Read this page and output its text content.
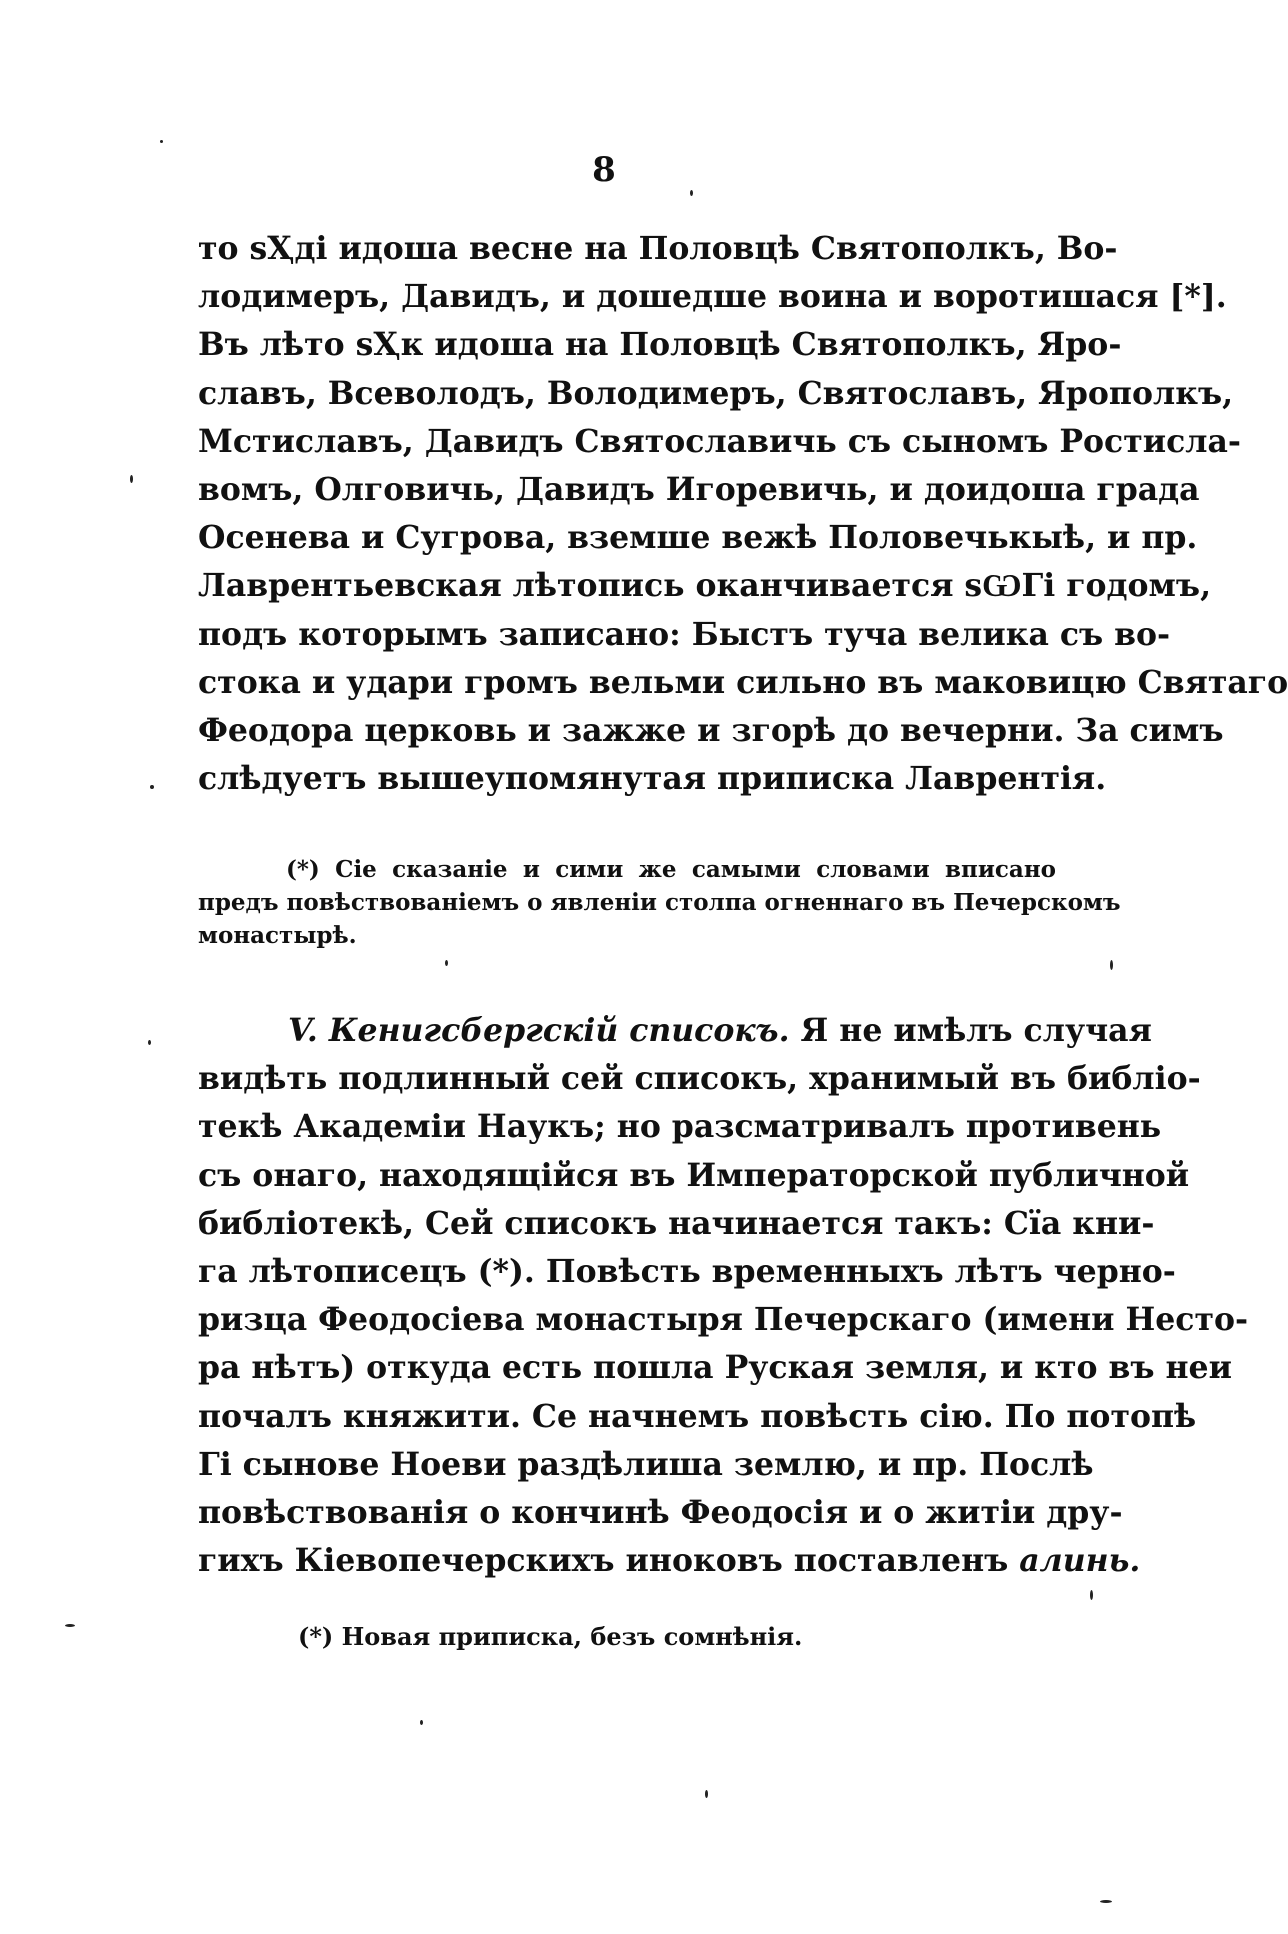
8
то sҲді идоша весне на Половцѣ Святополкъ, Во-
лодимеръ, Давидъ, и дошедше воина и воротишася [*].
Въ лѣто sҲк идоша на Половцѣ Святополкъ, Яро-
славъ, Всеволодъ, Володимеръ, Святославъ, Ярополкъ,
Мстиславъ, Давидъ Святославичь съ сыномъ Ростисла-
вомъ, Олговичь, Давидъ Игоревичь, и доидоша града
Осенева и Сугрова, вземше вежѣ Половечькыѣ, и пр.
Лаврентьевская лѣтопись оканчивается sѠГі годомъ,
подъ которымъ записано: Быстъ туча велика съ во-
стока и удари громъ вельми сильно въ маковицю Святаго
Феодора церковь и зажже и згорѣ до вечерни. За симъ
слѣдуетъ вышеупомянутая приписка Лаврентія.
(*) Сіе сказаніе и сими же самыми словами вписано
предъ повѣствованіемъ о явленіи столпа огненнаго въ Печерскомъ
монастырѣ.
V. Кенигсбергскій списокъ. Я не имѣлъ случая
видѣть подлинный сей списокъ, хранимый въ библіо-
текѣ Академіи Наукъ; но разсматривалъ противень
съ онаго, находящійся въ Императорской публичной
библіотекѣ, Сей списокъ начинается такъ: Сїа кни-
га лѣтописецъ (*). Повѣсть временныхъ лѣтъ черно-
ризца Феодосіева монастыря Печерскаго (имени Несто-
ра нѣтъ) откуда есть пошла Руская земля, и кто въ неи
почалъ княжити. Се начнемъ повѣсть сію. По потопѣ
Гі сынове Ноеви раздѣлиша землю, и пр. Послѣ
повѣствованія о кончинѣ Феодосія и о житіи дру-
гихъ Кіевопечерскихъ иноковъ поставленъ алинь.
(*) Новая приписка, безъ сомнѣнія.
